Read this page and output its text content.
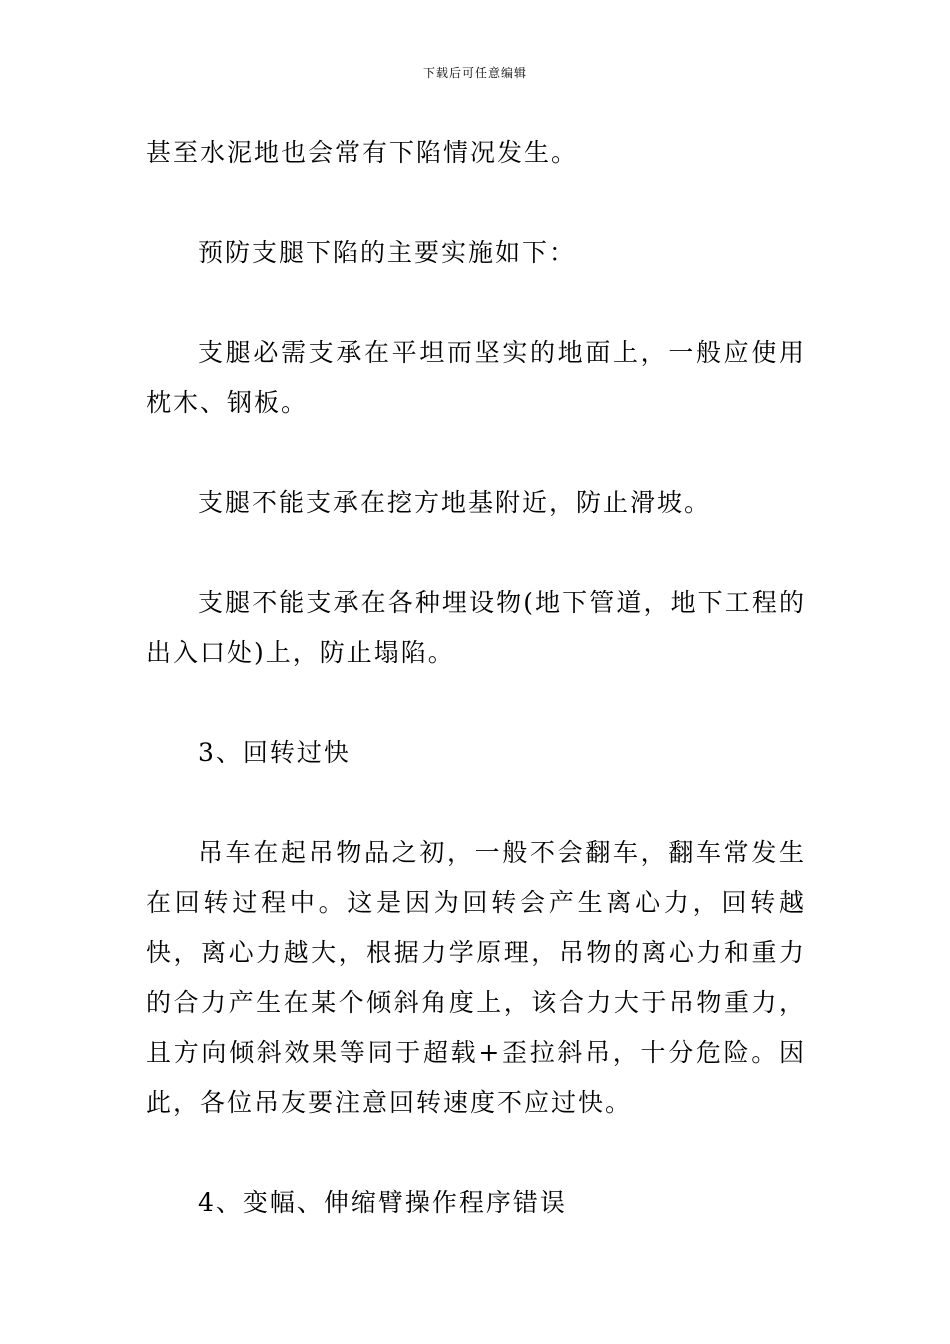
下载后可任意编辑

甚至水泥地也会常有下陷情况发生。

预防支腿下陷的主要实施如下：

支腿必需支承在平坦而坚实的地面上，一般应使用枕木、钢板。

支腿不能支承在挖方地基附近，防止滑坡。

支腿不能支承在各种埋设物(地下管道，地下工程的出入口处)上，防止塌陷。

3、回转过快

吊车在起吊物品之初，一般不会翻车，翻车常发生在回转过程中。这是因为回转会产生离心力，回转越快，离心力越大，根据力学原理，吊物的离心力和重力的合力产生在某个倾斜角度上，该合力大于吊物重力，且方向倾斜效果等同于超载+歪拉斜吊，十分危险。因此，各位吊友要注意回转速度不应过快。

4、变幅、伸缩臂操作程序错误
